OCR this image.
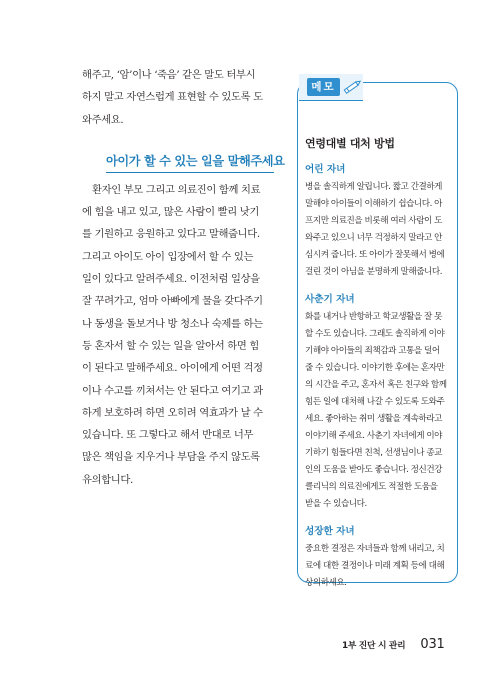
해주고, ‘암’이나 ‘죽음’ 같은 말도 터부시
하지 말고 자연스럽게 표현할 수 있도록 도
와주세요.

아이가 할 수 있는 일을 말해주세요

환자인 부모 그리고 의료진이 함께 치료
에 힘을 내고 있고, 많은 사람이 빨리 낫기
를 기원하고 응원하고 있다고 말해줍니다.
그리고 아이도 아이 입장에서 할 수 있는
일이 있다고 알려주세요. 이전처럼 일상을
잘 꾸려가고, 엄마 아빠에게 물을 갖다주기
나 동생을 돌보거나 방 청소나 숙제를 하는
등 혼자서 할 수 있는 일을 알아서 하면 힘
이 된다고 말해주세요. 아이에게 어떤 걱정
이나 수고를 끼쳐서는 안 된다고 여기고 과
하게 보호하려 하면 오히려 역효과가 날 수
있습니다. 또 그렇다고 해서 반대로 너무
많은 책임을 지우거나 부담을 주지 않도록
유의합니다.

메모
연령대별 대처 방법
어린 자녀

병을 솔직하게 알립니다. 짧고 간결하게
말해야 아이들이 이해하기 쉽습니다. 아
프지만 의료진을 비롯해 여러 사람이 도
와주고 있으니 너무 걱정하지 말라고 안
심시켜 줍니다. 또 아이가 잘못해서 병에
걸린 것이 아님을 분명하게 말해줍니다.

사춘기 자녀

화를 내거나 반항하고 학교생활을 잘 못
할 수도 있습니다. 그래도 솔직하게 이야
기해야 아이들의 죄책감과 고통을 덜어
줄 수 있습니다. 이야기한 후에는 혼자만
의 시간을 주고, 혼자서 혹은 친구와 함께
힘든 일에 대처해 나갈 수 있도록 도와주
세요. 좋아하는 취미 생활을 계속하라고
이야기해 주세요. 사춘기 자녀에게 이야
기하기 힘들다면 친척, 선생님이나 종교
인의 도움을 받아도 좋습니다. 정신건강
클리닉의 의료진에게도 적절한 도움을
받을 수 있습니다.

성장한 자녀

중요한 결정은 자녀들과 함께 내리고, 치
료에 대한 결정이나 미래 계획 등에 대해
상의하세요.

1부 진단 시 관리 031
